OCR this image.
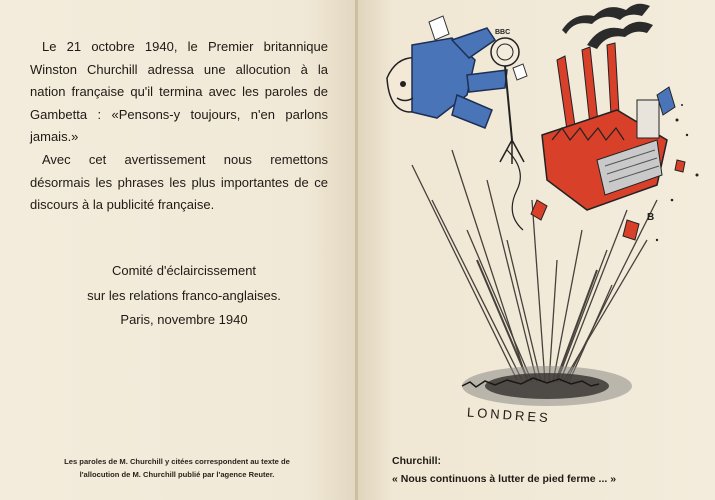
Le 21 octobre 1940, le Premier britannique Winston Churchill adressa une allocution à la nation française qu'il termina avec les paroles de Gambetta : «Pensons-y toujours, n'en parlons jamais.»

Avec cet avertissement nous remettons désormais les phrases les plus importantes de ce discours à la publicité française.

Comité d'éclaircissement
sur les relations franco-anglaises.
Paris, novembre 1940
Les paroles de M. Churchill y citées correspondent au texte de
l'allocution de M. Churchill publié par l'agence Reuter.
LONDRES
BBC
B
Churchill:
« Nous continuons à lutter de pied ferme ... »
